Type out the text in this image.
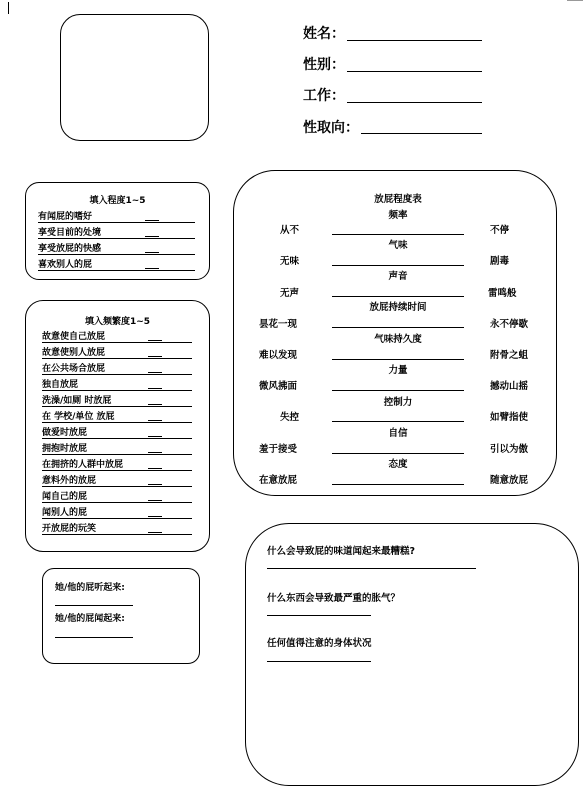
姓名：
性别：
工作：
性取向：
填入程度1~5
有闻屁的嗜好
享受目前的处境
享受放屁的快感
喜欢别人的屁
填入频繁度1~5
故意使自己放屁
故意使别人放屁
在公共场合放屁
独自放屁
洗澡/如厕 时放屁
在 学校/单位 放屁
做爱时放屁
拥抱时放屁
在拥挤的人群中放屁
意料外的放屁
闻自己的屁
闻别人的屁
开放屁的玩笑
放屁程度表
频率
从不	不停
气味
无味	剧毒
声音
无声	雷鸣般
放屁持续时间
昙花一现	永不停歇
气味持久度
难以发现	附骨之蛆
力量
微风拂面	撼动山摇
控制力
失控	如臂指使
自信
羞于接受	引以为傲
态度
在意放屁	随意放屁
她/他的屁听起来:
她/他的屁闻起来:
什么会导致屁的味道闻起来最糟糕?
什么东西会导致最严重的胀气？
任何值得注意的身体状况
